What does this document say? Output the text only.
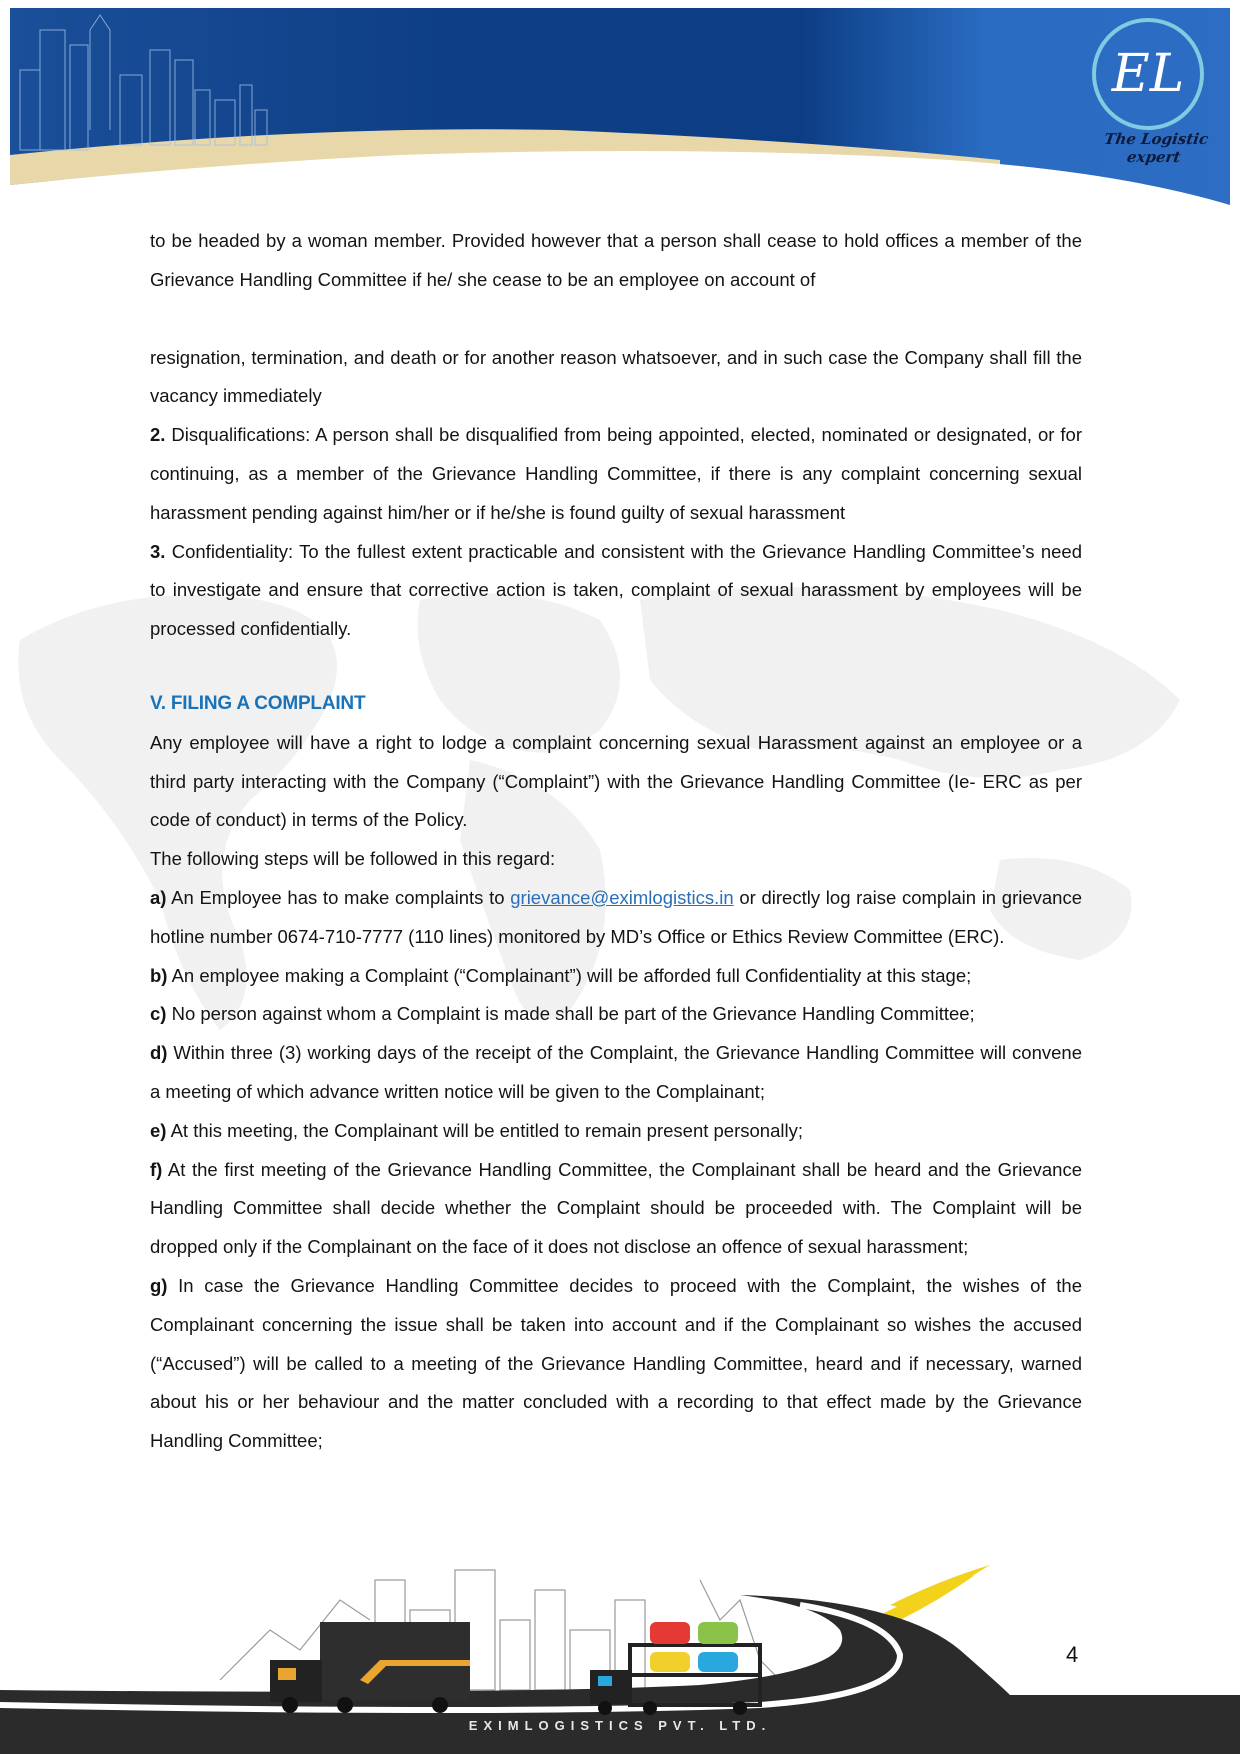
EL
The Logistic expert

to be headed by a woman member. Provided however that a person shall cease to hold offices a member of the Grievance Handling Committee if he/ she cease to be an employee on account of

resignation, termination, and death or for another reason whatsoever, and in such case the Company shall fill the vacancy immediately

2. Disqualifications: A person shall be disqualified from being appointed, elected, nominated or designated, or for continuing, as a member of the Grievance Handling Committee, if there is any complaint concerning sexual harassment pending against him/her or if he/she is found guilty of sexual harassment

3. Confidentiality: To the fullest extent practicable and consistent with the Grievance Handling Committee’s need to investigate and ensure that corrective action is taken, complaint of sexual harassment by employees will be processed confidentially.

V. FILING A COMPLAINT

Any employee will have a right to lodge a complaint concerning sexual Harassment against an employee or a third party interacting with the Company (“Complaint”) with the Grievance Handling Committee (Ie- ERC as per code of conduct) in terms of the Policy.

The following steps will be followed in this regard:

a) An Employee has to make complaints to grievance@eximlogistics.in or directly log raise complain in grievance hotline number 0674-710-7777 (110 lines) monitored by MD’s Office or Ethics Review Committee (ERC).

b) An employee making a Complaint (“Complainant”) will be afforded full Confidentiality at this stage;

c) No person against whom a Complaint is made shall be part of the Grievance Handling Committee;

d) Within three (3) working days of the receipt of the Complaint, the Grievance Handling Committee will convene a meeting of which advance written notice will be given to the Complainant;

e) At this meeting, the Complainant will be entitled to remain present personally;

f) At the first meeting of the Grievance Handling Committee, the Complainant shall be heard and the Grievance Handling Committee shall decide whether the Complaint should be proceeded with. The Complaint will be dropped only if the Complainant on the face of it does not disclose an offence of sexual harassment;

g) In case the Grievance Handling Committee decides to proceed with the Complaint, the wishes of the Complainant concerning the issue shall be taken into account and if the Complainant so wishes the accused (“Accused”) will be called to a meeting of the Grievance Handling Committee, heard and if necessary, warned about his or her behaviour and the matter concluded with a recording to that effect made by the Grievance Handling Committee;

4
EXIMLOGISTICS PVT. LTD.
